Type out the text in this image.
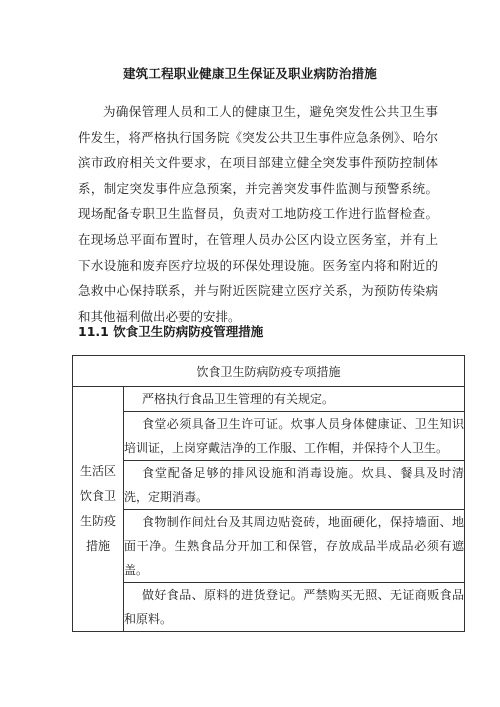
建筑工程职业健康卫生保证及职业病防治措施

为确保管理人员和工人的健康卫生，避免突发性公共卫生事件发生，将严格执行国务院《突发公共卫生事件应急条例》、哈尔滨市政府相关文件要求，在项目部建立健全突发事件预防控制体系，制定突发事件应急预案，并完善突发事件监测与预警系统。现场配备专职卫生监督员，负责对工地防疫工作进行监督检查。在现场总平面布置时，在管理人员办公区内设立医务室，并有上下水设施和废弃医疗垃圾的环保处理设施。医务室内将和附近的急救中心保持联系，并与附近医院建立医疗关系，为预防传染病和其他福利做出必要的安排。

11.1 饮食卫生防病防疫管理措施
饮食卫生防病防疫专项措施

生活区饮食卫生防疫措施
	严格执行食品卫生管理的有关规定。
食堂必须具备卫生许可证。炊事人员身体健康证、卫生知识培训证，上岗穿戴洁净的工作服、工作帽，并保持个人卫生。
食堂配备足够的排风设施和消毒设施。炊具、餐具及时清洗，定期消毒。
食物制作间灶台及其周边贴瓷砖，地面硬化，保持墙面、地面干净。生熟食品分开加工和保管，存放成品半成品必须有遮盖。
做好食品、原料的进货登记。严禁购买无照、无证商贩食品和原料。
